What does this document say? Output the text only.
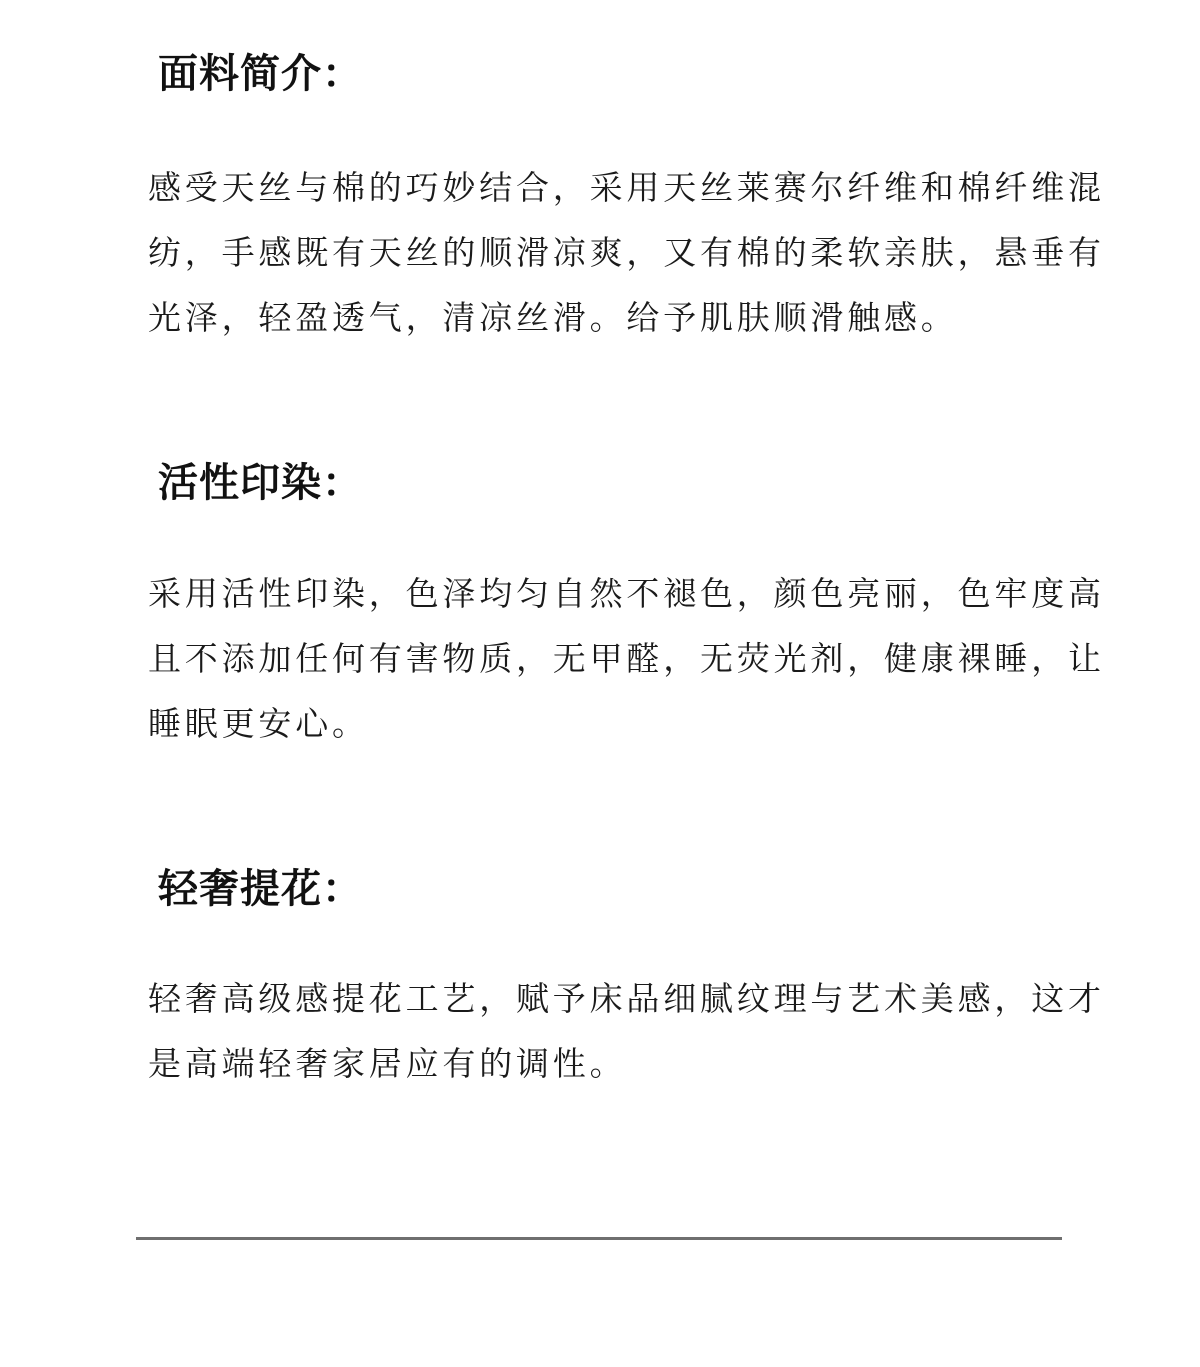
面料简介：
感受天丝与棉的巧妙结合，采用天丝莱赛尔纤维和棉纤维混
纺，手感既有天丝的顺滑凉爽，又有棉的柔软亲肤，悬垂有
光泽，轻盈透气，清凉丝滑。给予肌肤顺滑触感。
活性印染：
采用活性印染，色泽均匀自然不褪色，颜色亮丽，色牢度高
且不添加任何有害物质，无甲醛，无荧光剂，健康裸睡，让
睡眠更安心。
轻奢提花：
轻奢高级感提花工艺，赋予床品细腻纹理与艺术美感，这才
是高端轻奢家居应有的调性。
